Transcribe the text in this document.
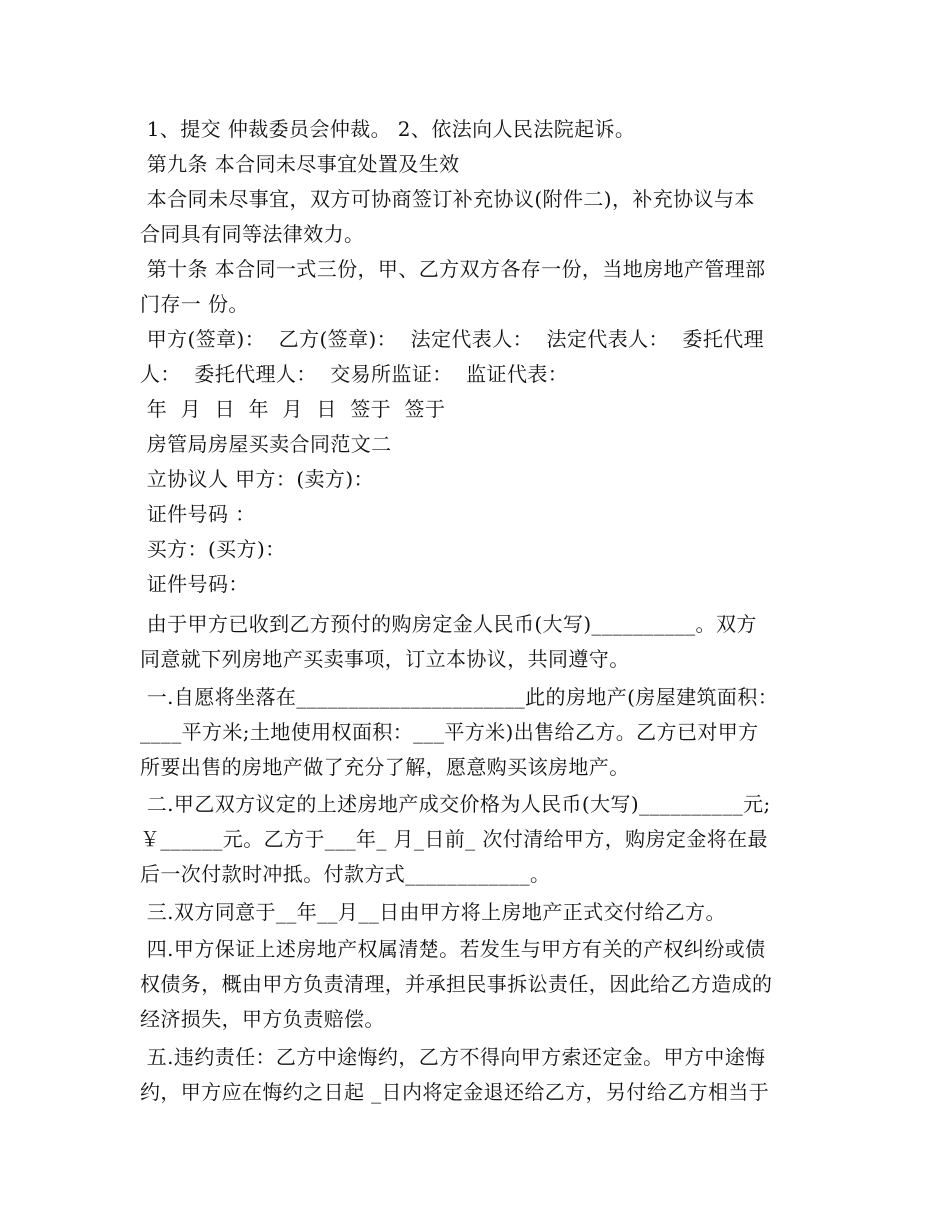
1、提交 仲裁委员会仲裁。 2、依法向人民法院起诉。
第九条 本合同未尽事宜处置及生效
本合同未尽事宜，双方可协商签订补充协议(附件二)，补充协议与本
合同具有同等法律效力。
第十条 本合同一式三份，甲、乙方双方各存一份，当地房地产管理部
门存一 份。
甲方(签章)：  乙方(签章)：  法定代表人：  法定代表人：  委托代理
人：  委托代理人：  交易所监证：  监证代表：
年  月  日  年  月  日  签于  签于
房管局房屋买卖合同范文二
立协议人 甲方：(卖方)：
证件号码 ：
买方：(买方)：
证件号码：
由于甲方已收到乙方预付的购房定金人民币(大写)__________。双方
同意就下列房地产买卖事项，订立本协议，共同遵守。
一.自愿将坐落在______________________此的房地产(房屋建筑面积：
____平方米;土地使用权面积：___平方米)出售给乙方。乙方已对甲方
所要出售的房地产做了充分了解，愿意购买该房地产。
二.甲乙双方议定的上述房地产成交价格为人民币(大写)__________元;
￥______元。乙方于___年_ 月_日前_ 次付清给甲方，购房定金将在最
后一次付款时冲抵。付款方式____________。
三.双方同意于__年__月__日由甲方将上房地产正式交付给乙方。
四.甲方保证上述房地产权属清楚。若发生与甲方有关的产权纠纷或债
权债务，概由甲方负责清理，并承担民事拆讼责任，因此给乙方造成的
经济损失，甲方负责赔偿。
五.违约责任：乙方中途悔约，乙方不得向甲方索还定金。甲方中途悔
约，甲方应在悔约之日起 _日内将定金退还给乙方，另付给乙方相当于
